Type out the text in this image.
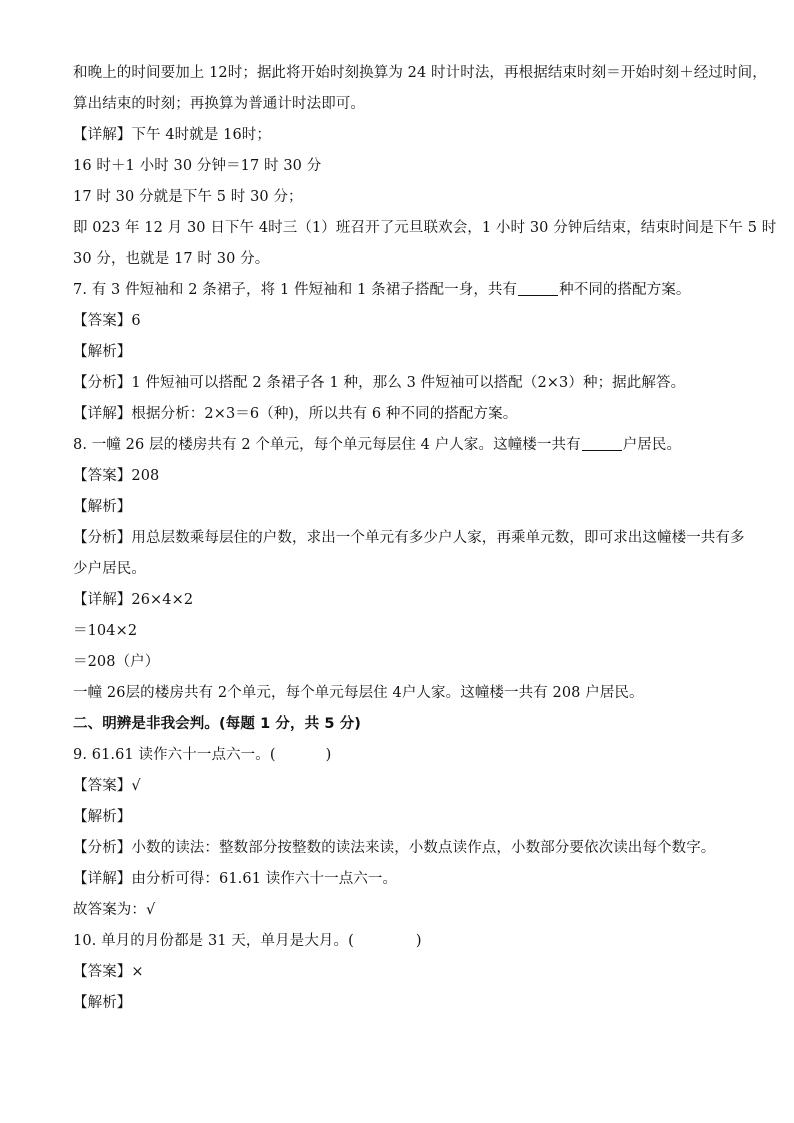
和晚上的时间要加上 12时；据此将开始时刻换算为 24 时计时法，再根据结束时刻＝开始时刻＋经过时间，
算出结束的时刻；再换算为普通计时法即可。
【详解】下午 4时就是 16时；
16 时＋1 小时 30 分钟＝17 时 30 分
17 时 30 分就是下午 5 时 30 分；
即 023 年 12 月 30 日下午 4时三（1）班召开了元旦联欢会，1 小时 30 分钟后结束，结束时间是下午 5 时
30 分，也就是 17 时 30 分。
7. 有 3 件短袖和 2 条裙子，将 1 件短袖和 1 条裙子搭配一身，共有	种不同的搭配方案。
【答案】6
【解析】
【分析】1 件短袖可以搭配 2 条裙子各 1 种，那么 3 件短袖可以搭配（2×3）种；据此解答。
【详解】根据分析：2×3＝6（种)，所以共有 6 种不同的搭配方案。
8. 一幢 26 层的楼房共有 2 个单元，每个单元每层住 4 户人家。这幢楼一共有	户居民。
【答案】208
【解析】
【分析】用总层数乘每层住的户数，求出一个单元有多少户人家，再乘单元数，即可求出这幢楼一共有多
少户居民。
【详解】26×4×2
＝104×2
＝208（户）
一幢 26层的楼房共有 2个单元，每个单元每层住 4户人家。这幢楼一共有 208 户居民。
二、明辨是非我会判。(每题 1 分，共 5 分)
9. 61.61 读作六十一点六一。(	)
【答案】√
【解析】
【分析】小数的读法：整数部分按整数的读法来读，小数点读作点，小数部分要依次读出每个数字。
【详解】由分析可得：61.61 读作六十一点六一。
故答案为：√
10. 单月的月份都是 31 天，单月是大月。(	)
【答案】×
【解析】
